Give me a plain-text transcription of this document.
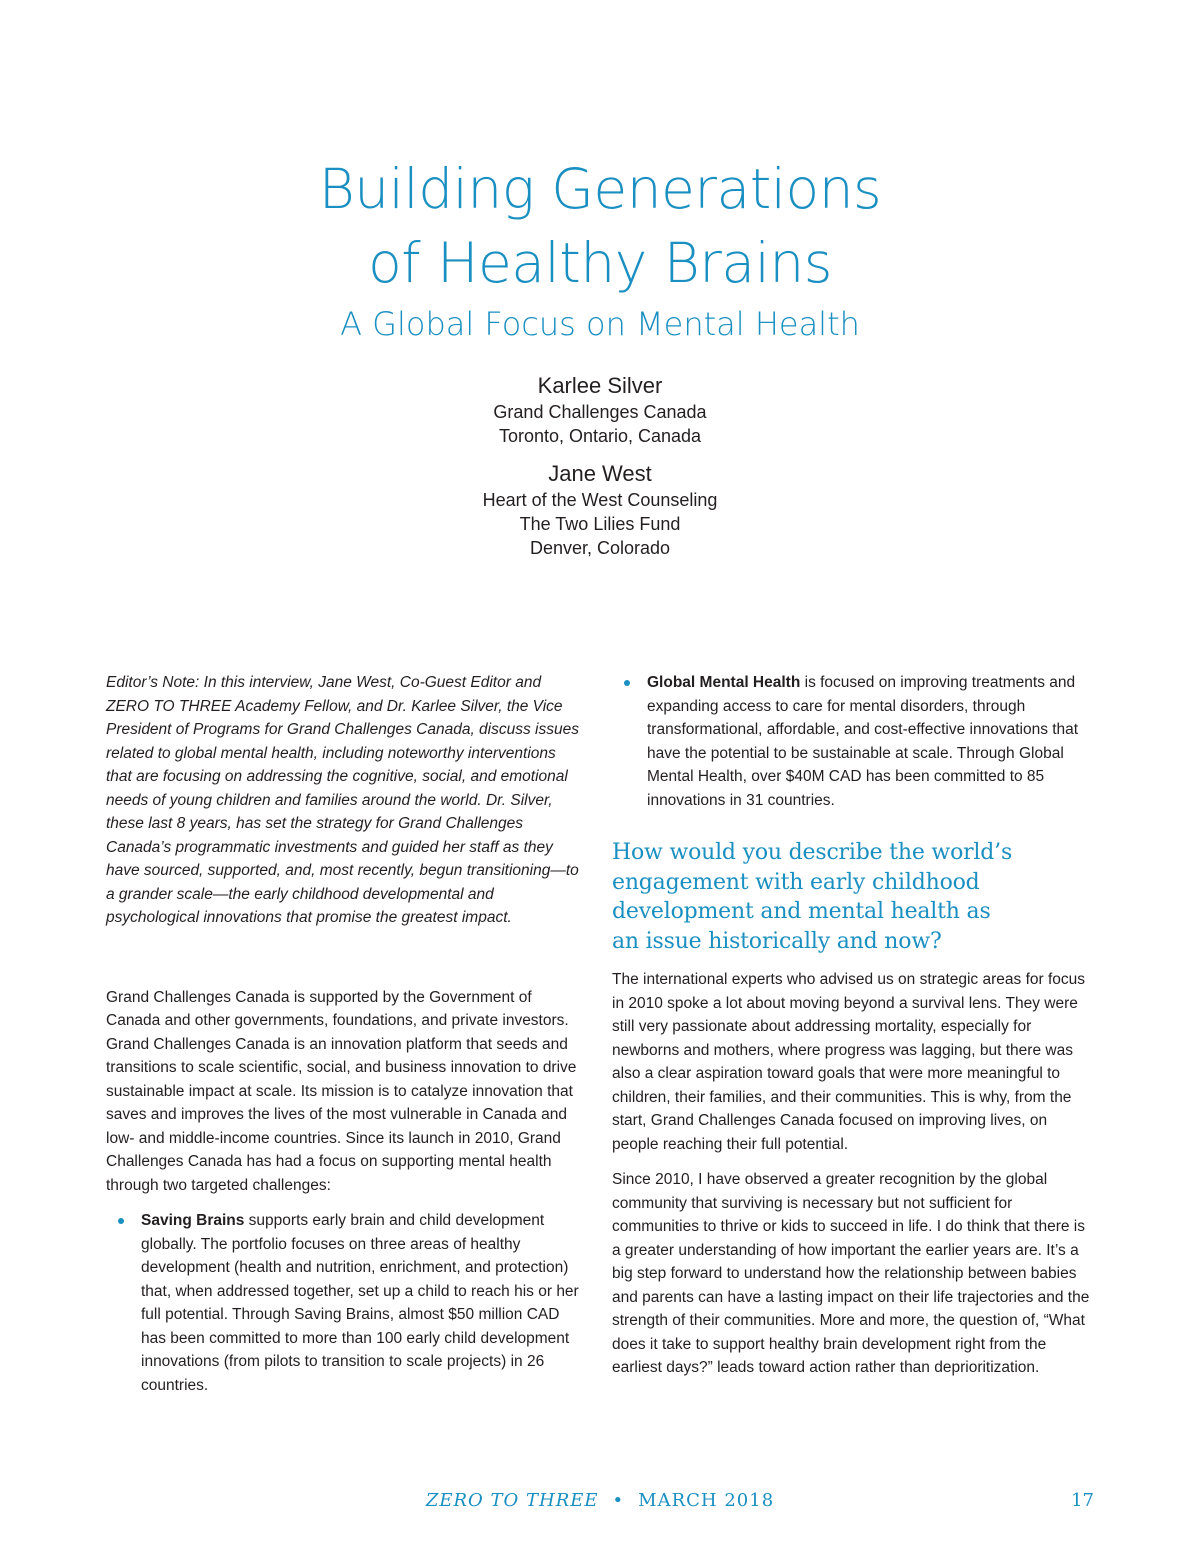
Building Generations
of Healthy Brains
A Global Focus on Mental Health
Karlee Silver
Grand Challenges Canada
Toronto, Ontario, Canada
Jane West
Heart of the West Counseling
The Two Lilies Fund
Denver, Colorado

Editor’s Note: In this interview, Jane West, Co-Guest Editor and ZERO TO THREE Academy Fellow, and Dr. Karlee Silver, the Vice President of Programs for Grand Challenges Canada, discuss issues related to global mental health, including noteworthy interventions that are focusing on addressing the cognitive, social, and emotional needs of young children and families around the world. Dr. Silver, these last 8 years, has set the strategy for Grand Challenges Canada’s programmatic investments and guided her staff as they have sourced, supported, and, most recently, begun transitioning—to a grander scale—the early childhood developmental and psychological innovations that promise the greatest impact.

Grand Challenges Canada is supported by the Government of Canada and other governments, foundations, and private investors. Grand Challenges Canada is an innovation platform that seeds and transitions to scale scientific, social, and business innovation to drive sustainable impact at scale. Its mission is to catalyze innovation that saves and improves the lives of the most vulnerable in Canada and low- and middle-income countries. Since its launch in 2010, Grand Challenges Canada has had a focus on supporting mental health through two targeted challenges:

Saving Brains supports early brain and child development globally. The portfolio focuses on three areas of healthy development (health and nutrition, enrichment, and protection) that, when addressed together, set up a child to reach his or her full potential. Through Saving Brains, almost $50 million CAD has been committed to more than 100 early child development innovations (from pilots to transition to scale projects) in 26 countries.
Global Mental Health is focused on improving treatments and expanding access to care for mental disorders, through transformational, affordable, and cost-effective innovations that have the potential to be sustainable at scale. Through Global Mental Health, over $40M CAD has been committed to 85 innovations in 31 countries.
How would you describe the world’s
engagement with early childhood
development and mental health as
an issue historically and now?

The international experts who advised us on strategic areas for focus in 2010 spoke a lot about moving beyond a survival lens. They were still very passionate about addressing mortality, especially for newborns and mothers, where progress was lagging, but there was also a clear aspiration toward goals that were more meaningful to children, their families, and their communities. This is why, from the start, Grand Challenges Canada focused on improving lives, on people reaching their full potential.

Since 2010, I have observed a greater recognition by the global community that surviving is necessary but not sufficient for communities to thrive or kids to succeed in life. I do think that there is a greater understanding of how important the earlier years are. It’s a big step forward to understand how the relationship between babies and parents can have a lasting impact on their life trajectories and the strength of their communities. More and more, the question of, “What does it take to support healthy brain development right from the earliest days?” leads toward action rather than deprioritization.

ZERO TO THREE • MARCH 2018	17
